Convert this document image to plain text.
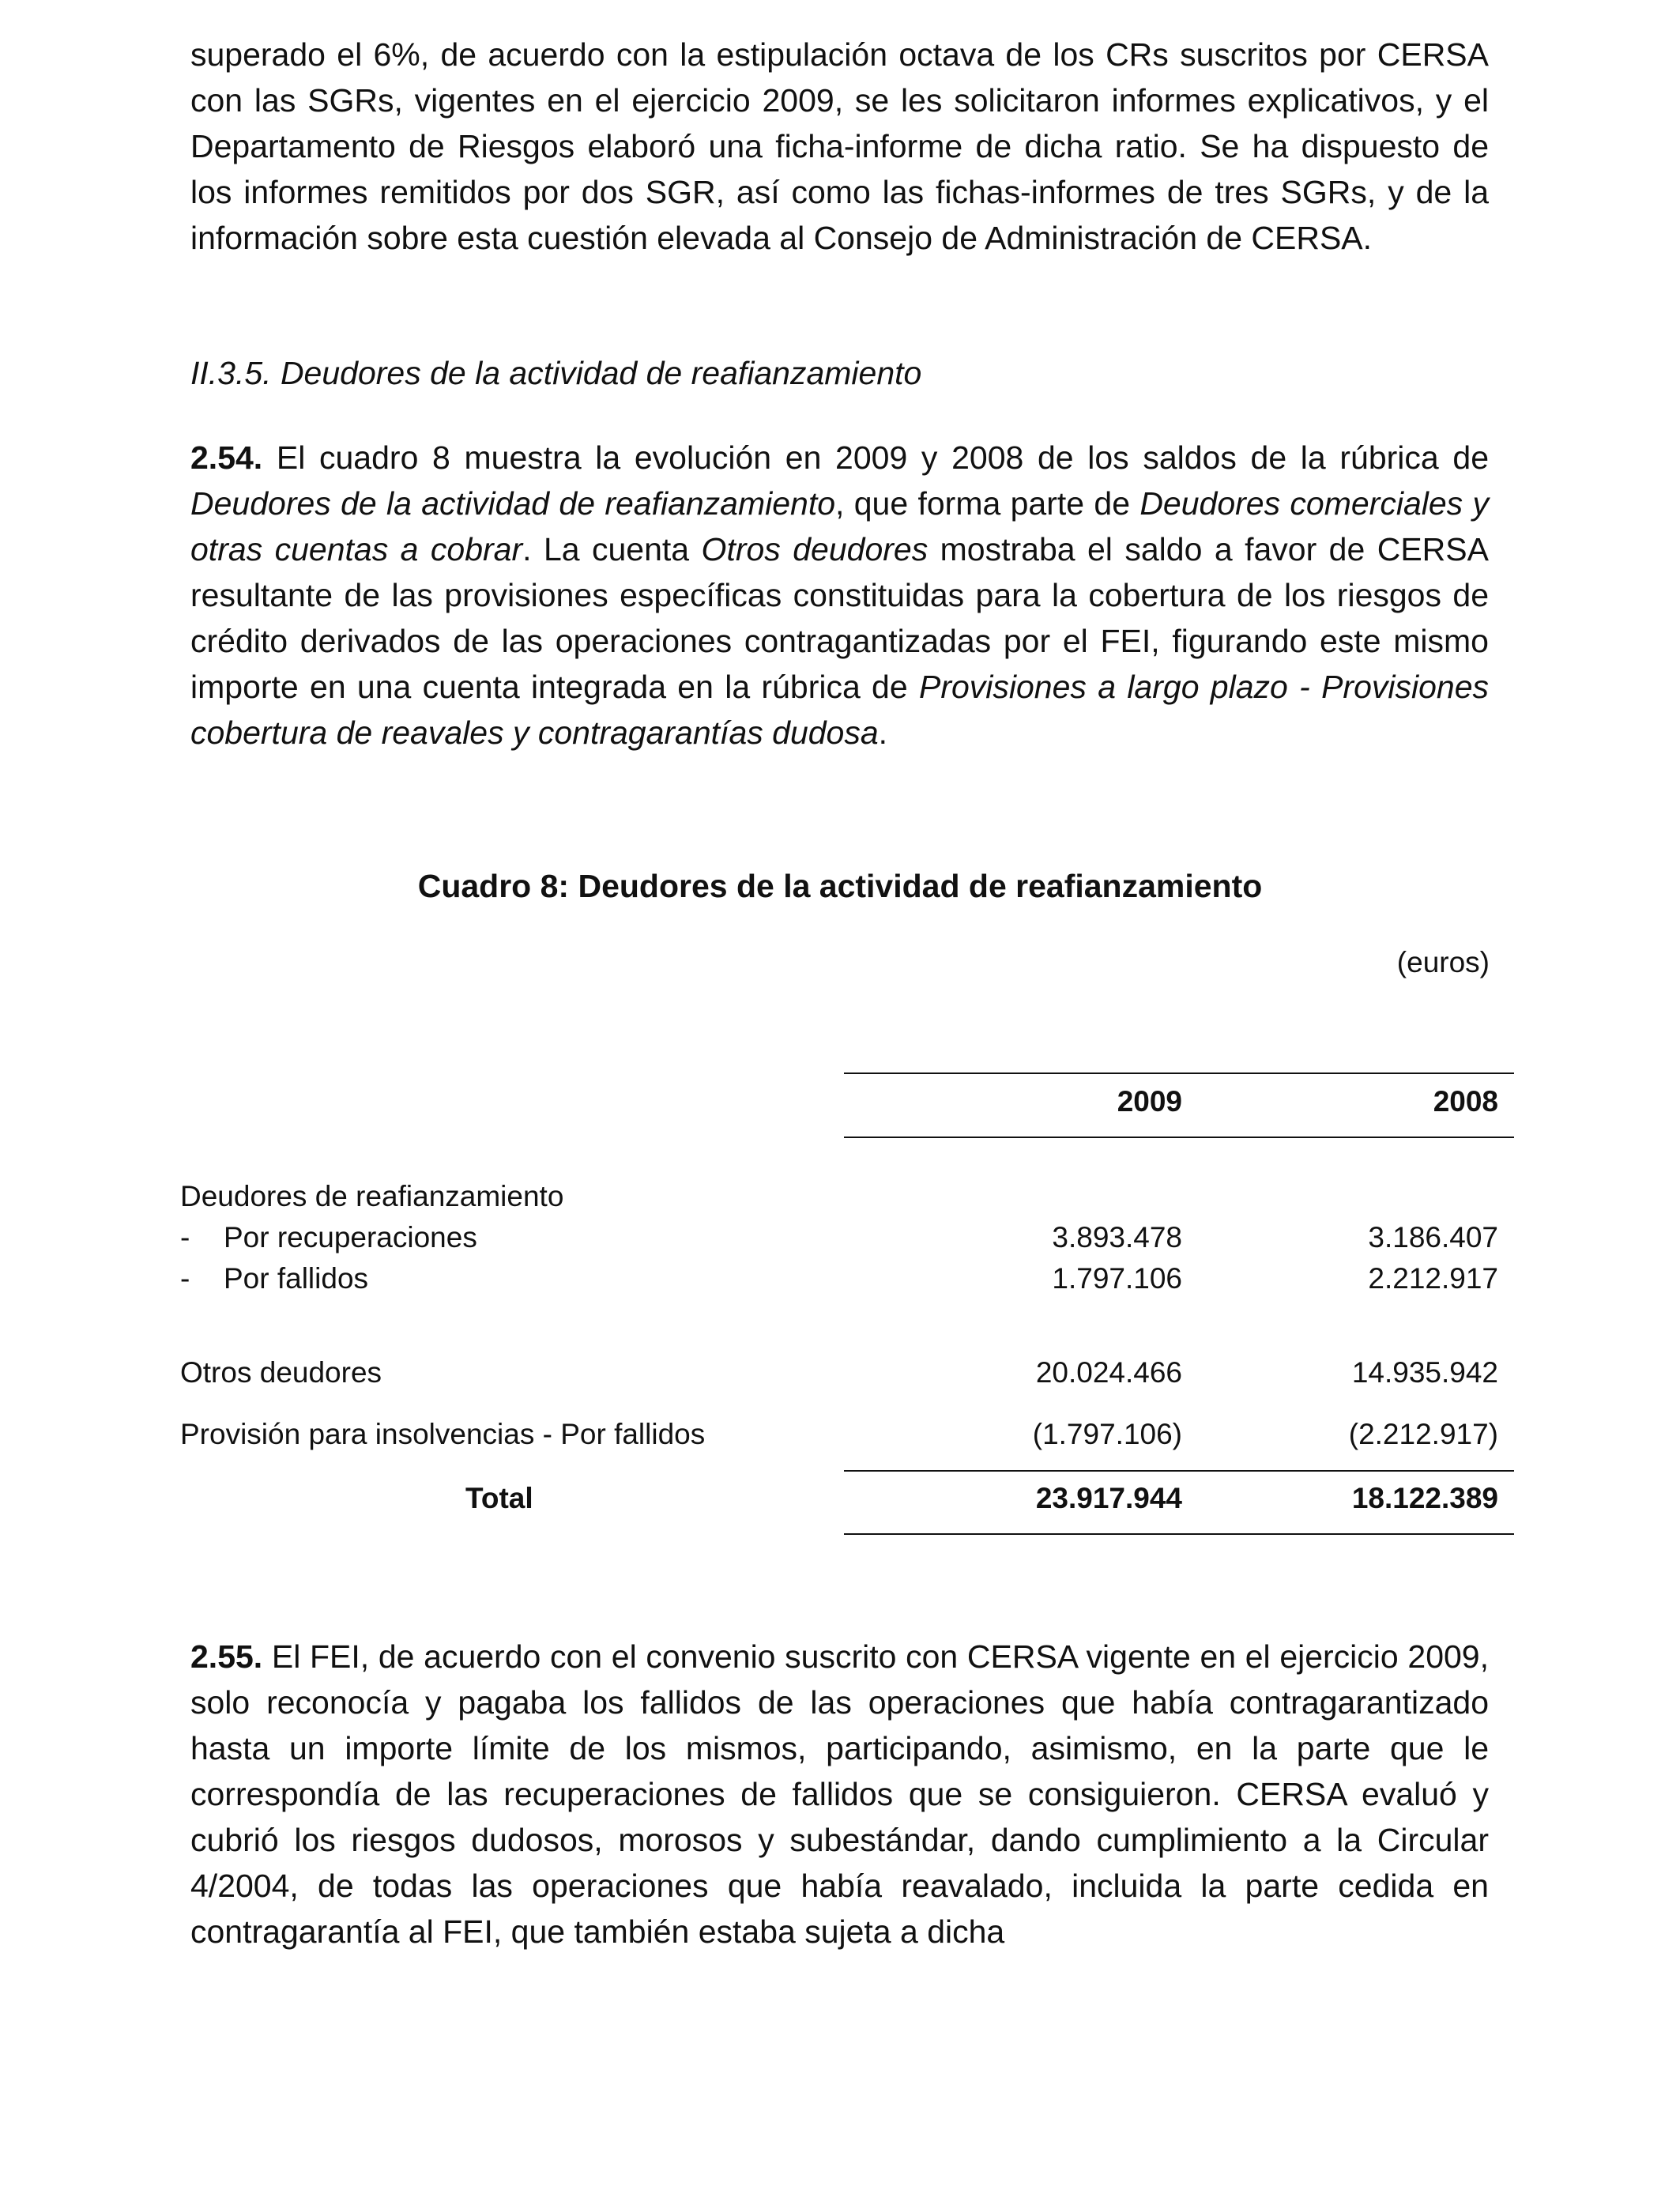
superado el 6%, de acuerdo con la estipulación octava de los CRs suscritos por CERSA con las SGRs, vigentes en el ejercicio 2009, se les solicitaron informes explicativos, y el Departamento de Riesgos elaboró una ficha-informe de dicha ratio. Se ha dispuesto de los informes remitidos por dos SGR, así como las fichas-informes de tres SGRs, y de la información sobre esta cuestión elevada al Consejo de Administración de CERSA.

II.3.5. Deudores de la actividad de reafianzamiento

2.54. El cuadro 8 muestra la evolución en 2009 y 2008 de los saldos de la rúbrica de Deudores de la actividad de reafianzamiento, que forma parte de Deudores comerciales y otras cuentas a cobrar. La cuenta Otros deudores mostraba el saldo a favor de CERSA resultante de las provisiones específicas constituidas para la cobertura de los riesgos de crédito derivados de las operaciones contragantizadas por el FEI, figurando este mismo importe en una cuenta integrada en la rúbrica de Provisiones a largo plazo - Provisiones cobertura de reavales y contragarantías dudosa.

Cuadro 8: Deudores de la actividad de reafianzamiento

(euros)

2009	2008
Deudores de reafianzamiento
- Por recuperaciones	3.893.478	3.186.407
- Por fallidos	1.797.106	2.212.917
Otros deudores	20.024.466	14.935.942
Provisión para insolvencias - Por fallidos	(1.797.106)	(2.212.917)
Total	23.917.944	18.122.389

2.55. El FEI, de acuerdo con el convenio suscrito con CERSA vigente en el ejercicio 2009, solo reconocía y pagaba los fallidos de las operaciones que había contragarantizado hasta un importe límite de los mismos, participando, asimismo, en la parte que le correspondía de las recuperaciones de fallidos que se consiguieron. CERSA evaluó y cubrió los riesgos dudosos, morosos y subestándar, dando cumplimiento a la Circular 4/2004, de todas las operaciones que había reavalado, incluida la parte cedida en contragarantía al FEI, que también estaba sujeta a dicha
